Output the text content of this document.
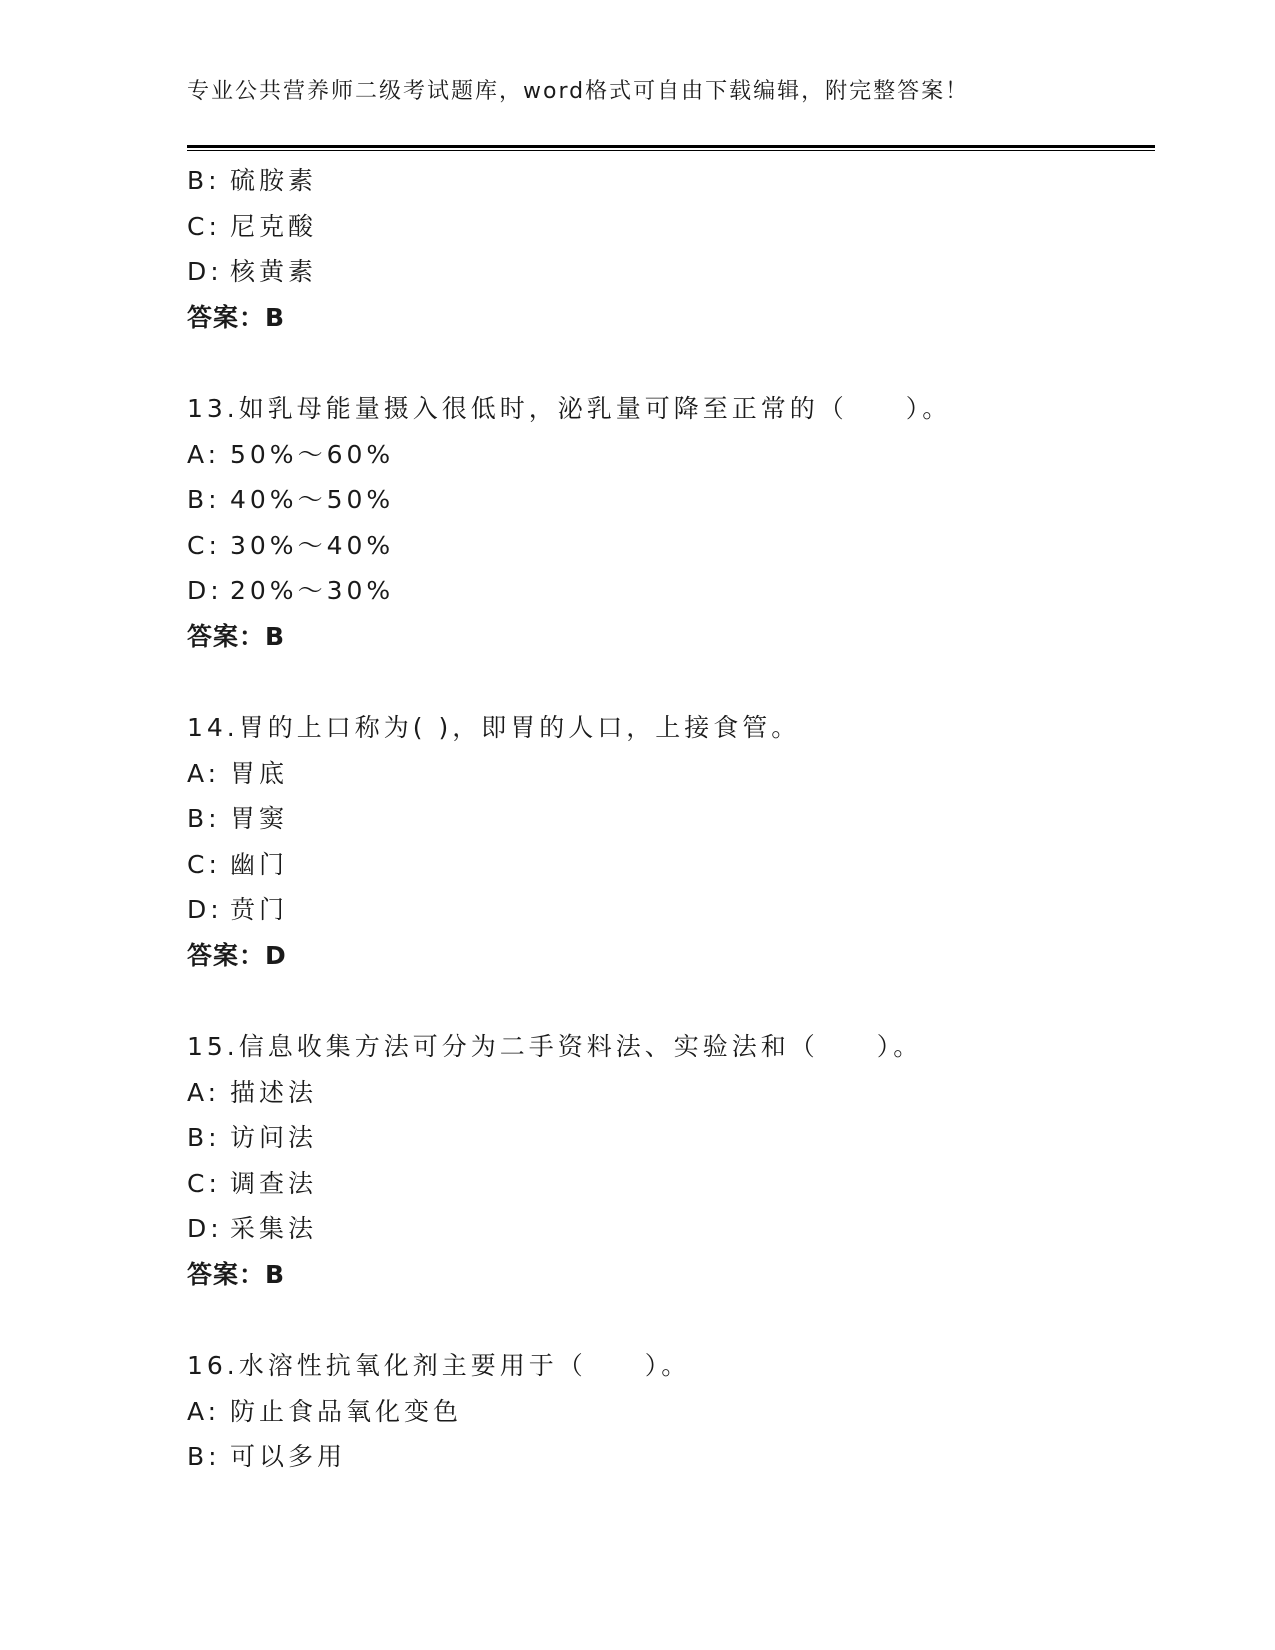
专业公共营养师二级考试题库，word格式可自由下载编辑，附完整答案！
B: 硫胺素
C: 尼克酸
D: 核黄素
答案：B
13.如乳母能量摄入很低时，泌乳量可降至正常的（　　）。
A: 50%～60%
B: 40%～50%
C: 30%～40%
D: 20%～30%
答案：B
14.胃的上口称为( )，即胃的人口，上接食管。
A: 胃底
B: 胃窦
C: 幽门
D: 贲门
答案：D
15.信息收集方法可分为二手资料法、实验法和（　　）。
A: 描述法
B: 访问法
C: 调查法
D: 采集法
答案：B
16.水溶性抗氧化剂主要用于（　　）。
A: 防止食品氧化变色
B: 可以多用
